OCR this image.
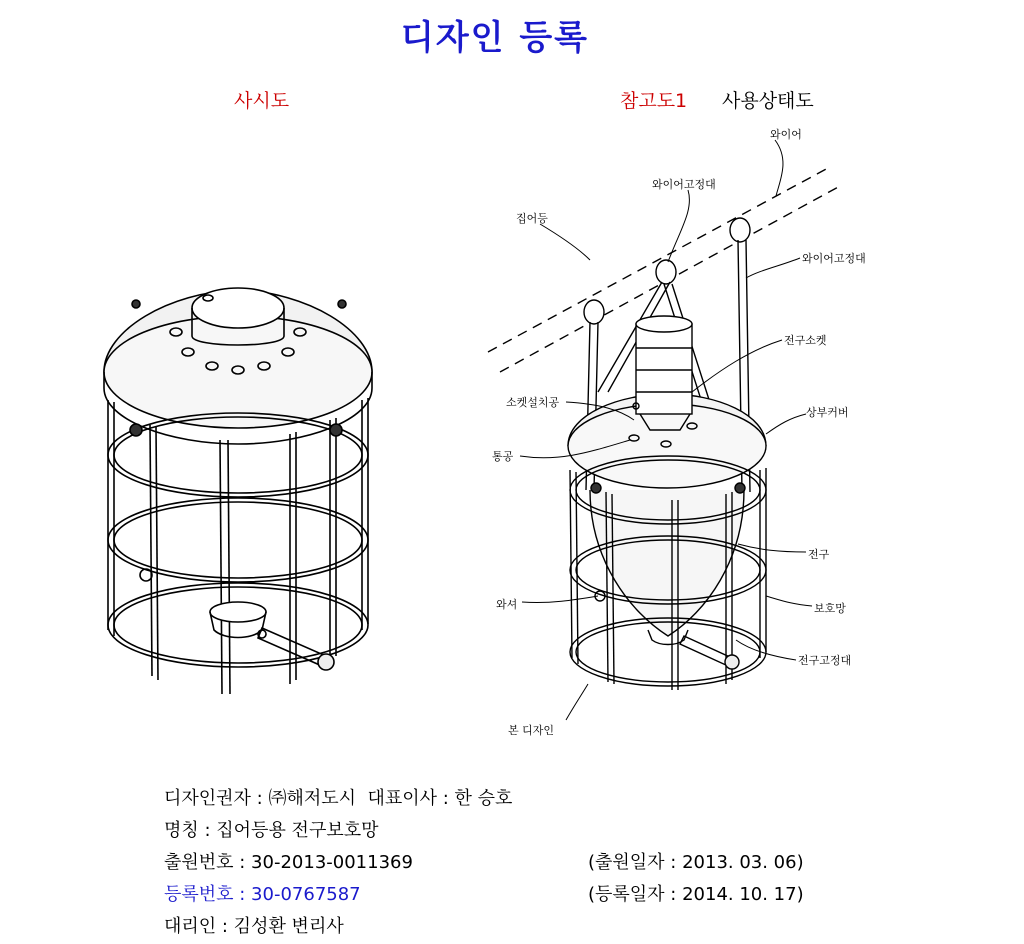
디자인 등록
사시도	참고도1 사용상태도
와이어
와이어고정대
집어등
와이어고정대
전구소켓
소켓설치공
상부커버
통공
전구
와셔	보호망
전구고정대
본 디자인
디자인권자 : ㈜해저도시  대표이사 : 한 승호
명칭 : 집어등용 전구보호망
출원번호 : 30-2013-0011369	(출원일자 : 2013. 03. 06)
등록번호 : 30-0767587	(등록일자 : 2014. 10. 17)
대리인 : 김성환 변리사
